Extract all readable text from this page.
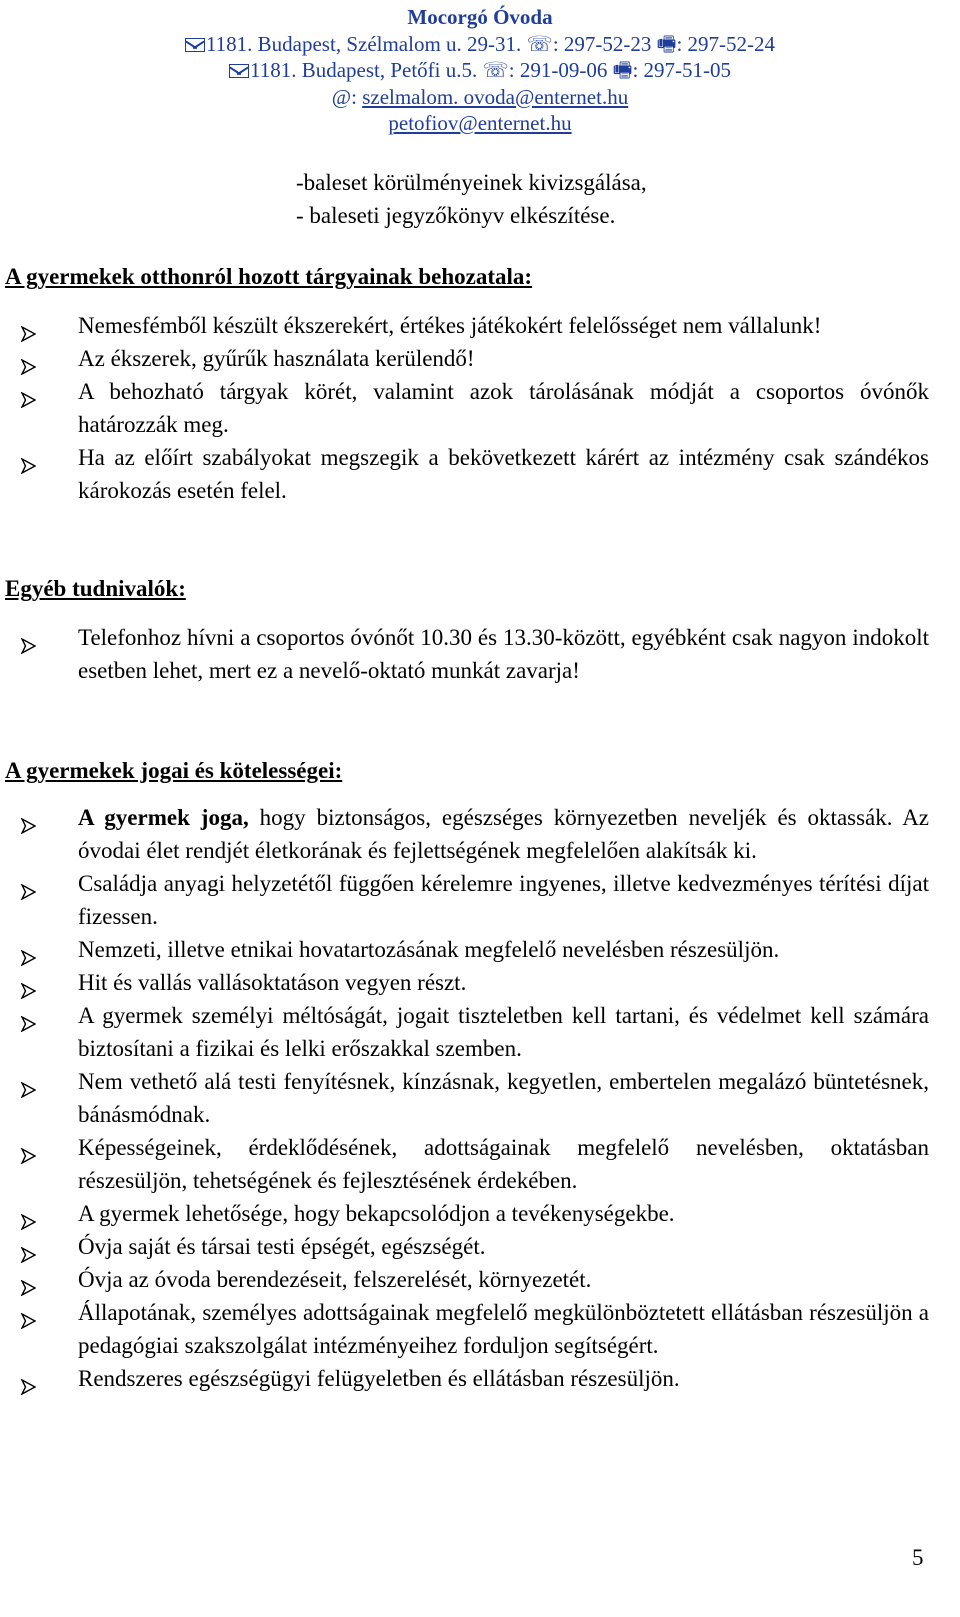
Mocorgó Óvoda
1181. Budapest, Szélmalom u. 29-31. ☏: 297-52-23 🖷: 297-52-24
1181. Budapest, Petőfi u.5. ☏: 291-09-06 🖷: 297-51-05
@: szelmalom. ovoda@enternet.hu
petofiov@enternet.hu
-baleset körülményeinek kivizsgálása,
- baleseti jegyzőkönyv elkészítése.
A gyermekek otthonról hozott tárgyainak behozatala:
Nemesfémből készült ékszerekért, értékes játékokért felelősséget nem vállalunk!
Az ékszerek, gyűrűk használata kerülendő!
A behozható tárgyak körét, valamint azok tárolásának módját a csoportos óvónők határozzák meg.
Ha az előírt szabályokat megszegik a bekövetkezett kárért az intézmény csak szándékos károkozás esetén felel.
Egyéb tudnivalók:
Telefonhoz hívni a csoportos óvónőt 10.30 és 13.30-között, egyébként csak nagyon indokolt esetben lehet, mert ez a nevelő-oktató munkát zavarja!
A gyermekek jogai és kötelességei:
A gyermek joga, hogy biztonságos, egészséges környezetben neveljék és oktassák. Az óvodai élet rendjét életkorának és fejlettségének megfelelően alakítsák ki.
Családja anyagi helyzetétől függően kérelemre ingyenes, illetve kedvezményes térítési díjat fizessen.
Nemzeti, illetve etnikai hovatartozásának megfelelő nevelésben részesüljön.
Hit és vallás vallásoktatáson vegyen részt.
A gyermek személyi méltóságát, jogait tiszteletben kell tartani, és védelmet kell számára biztosítani a fizikai és lelki erőszakkal szemben.
Nem vethető alá testi fenyítésnek, kínzásnak, kegyetlen, embertelen megalázó büntetésnek, bánásmódnak.
Képességeinek, érdeklődésének, adottságainak megfelelő nevelésben, oktatásban részesüljön, tehetségének és fejlesztésének érdekében.
A gyermek lehetősége, hogy bekapcsolódjon a tevékenységekbe.
Óvja saját és társai testi épségét, egészségét.
Óvja az óvoda berendezéseit, felszerelését, környezetét.
Állapotának, személyes adottságainak megfelelő megkülönböztetett ellátásban részesüljön a pedagógiai szakszolgálat intézményeihez forduljon segítségért.
Rendszeres egészségügyi felügyeletben és ellátásban részesüljön.
5
